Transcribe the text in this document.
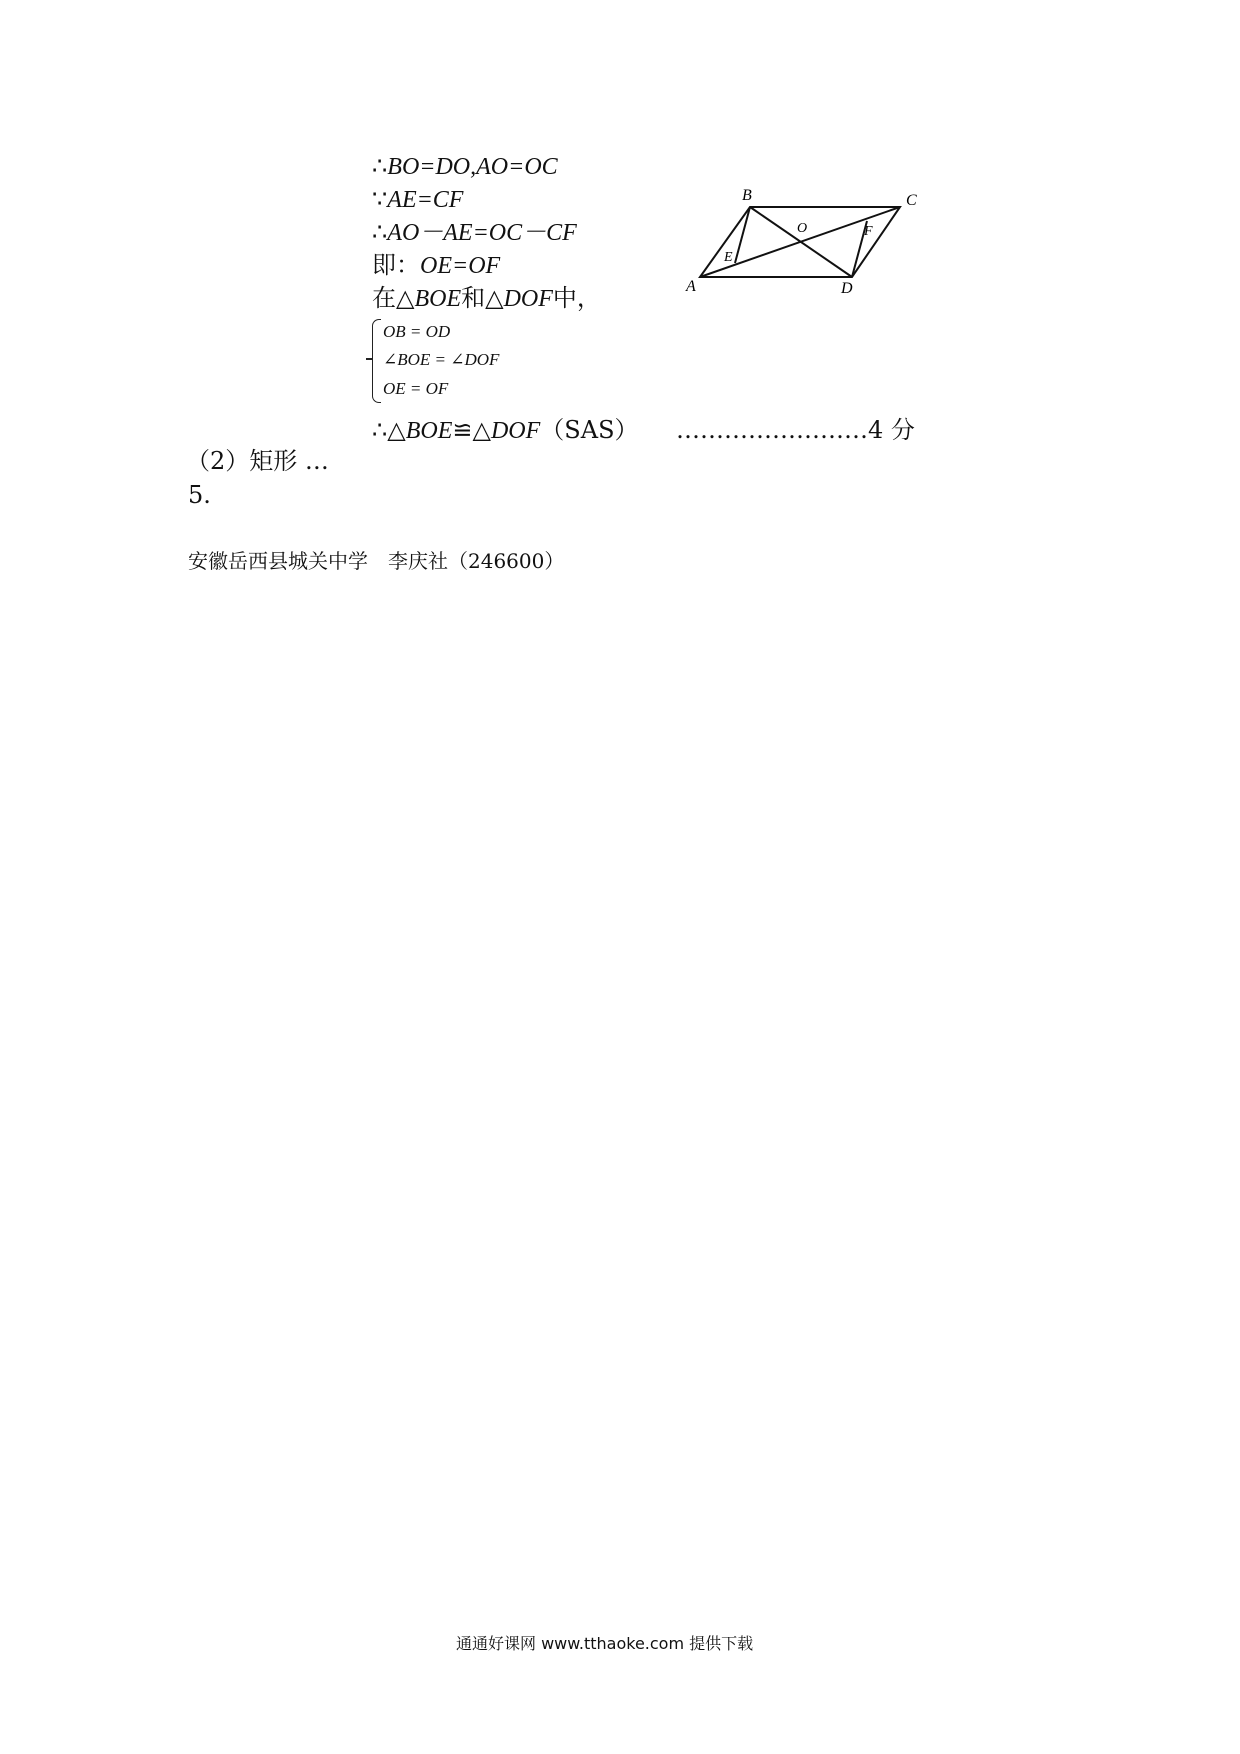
∴BO=DO,AO=OC
∵AE=CF
∴AO－AE=OC－CF
即：OE=OF
在△BOE和△DOF中，
OB = OD
∠BOE = ∠DOF
OE = OF
∴△BOE≌△DOF（SAS） ……………………4 分
（2）矩形 …
5.
安徽岳西县城关中学　李庆社（246600）
B	C
A	D
O
E
F
通通好课网 www.tthaoke.com 提供下载
